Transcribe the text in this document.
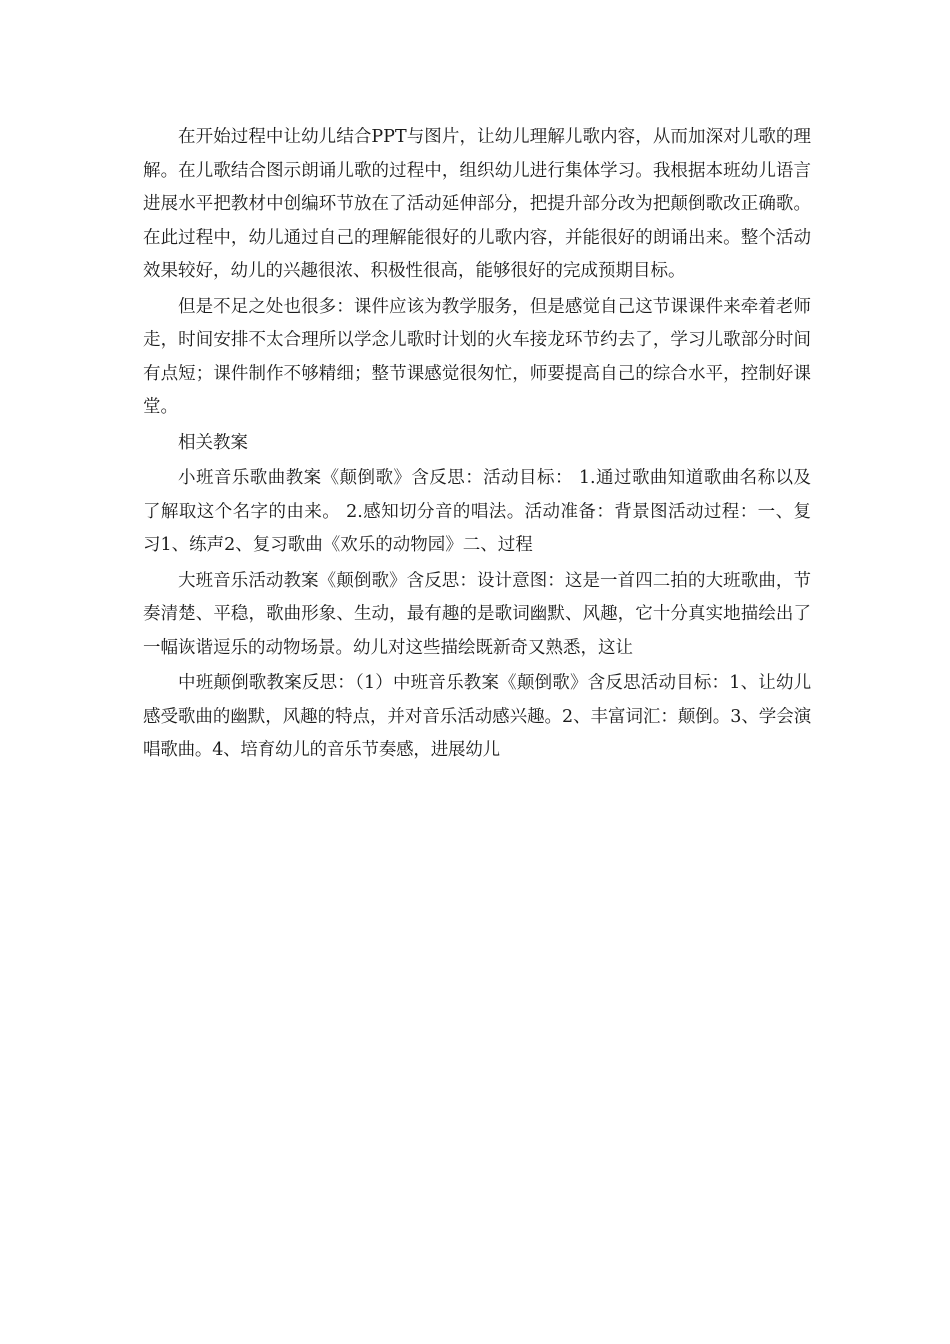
在开始过程中让幼儿结合PPT与图片，让幼儿理解儿歌内容，从而加深对儿歌的理解。在儿歌结合图示朗诵儿歌的过程中，组织幼儿进行集体学习。我根据本班幼儿语言进展水平把教材中创编环节放在了活动延伸部分，把提升部分改为把颠倒歌改正确歌。在此过程中，幼儿通过自己的理解能很好的儿歌内容，并能很好的朗诵出来。整个活动效果较好，幼儿的兴趣很浓、积极性很高，能够很好的完成预期目标。

但是不足之处也很多：课件应该为教学服务，但是感觉自己这节课课件来牵着老师走，时间安排不太合理所以学念儿歌时计划的火车接龙环节约去了，学习儿歌部分时间有点短；课件制作不够精细；整节课感觉很匆忙，师要提高自己的综合水平，控制好课堂。

相关教案

小班音乐歌曲教案《颠倒歌》含反思：活动目标： 1.通过歌曲知道歌曲名称以及了解取这个名字的由来。 2.感知切分音的唱法。活动准备：背景图活动过程：一、复习1、练声2、复习歌曲《欢乐的动物园》二、过程

大班音乐活动教案《颠倒歌》含反思：设计意图：这是一首四二拍的大班歌曲，节奏清楚、平稳，歌曲形象、生动，最有趣的是歌词幽默、风趣，它十分真实地描绘出了一幅诙谐逗乐的动物场景。幼儿对这些描绘既新奇又熟悉，这让

中班颠倒歌教案反思：（1）中班音乐教案《颠倒歌》含反思活动目标：1、让幼儿感受歌曲的幽默，风趣的特点，并对音乐活动感兴趣。2、丰富词汇：颠倒。3、学会演唱歌曲。4、培育幼儿的音乐节奏感，进展幼儿
